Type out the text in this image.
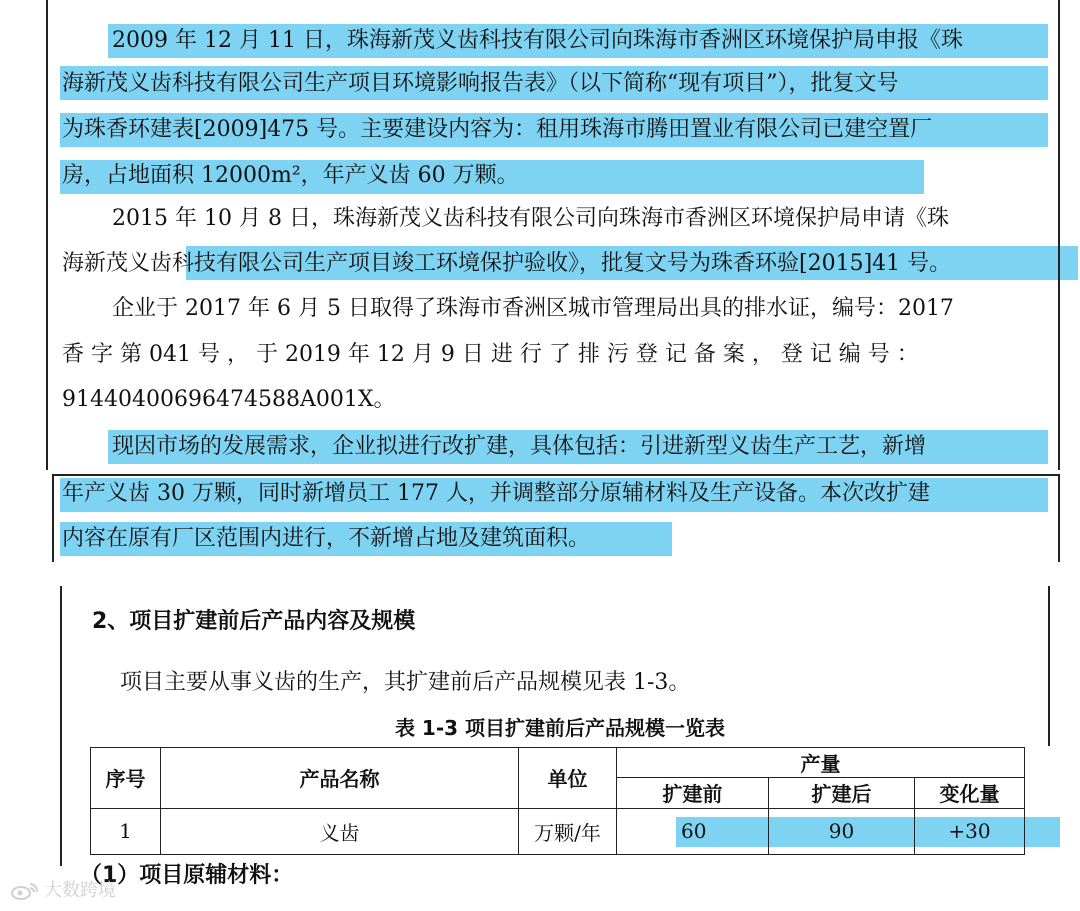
2009 年 12 月 11 日，珠海新茂义齿科技有限公司向珠海市香洲区环境保护局申报《珠
海新茂义齿科技有限公司生产项目环境影响报告表》（以下简称“现有项目”），批复文号
为珠香环建表[2009]475 号。主要建设内容为：租用珠海市腾田置业有限公司已建空置厂
房，占地面积 12000m²，年产义齿 60 万颗。
2015 年 10 月 8 日，珠海新茂义齿科技有限公司向珠海市香洲区环境保护局申请《珠
海新茂义齿科技有限公司生产项目竣工环境保护验收》，批复文号为珠香环验[2015]41 号。
企业于 2017 年 6 月 5 日取得了珠海市香洲区城市管理局出具的排水证，编号：2017
香 字 第 041 号 ， 于 2019 年 12 月 9 日 进 行 了 排 污 登 记 备 案 ， 登 记 编 号 ：
91440400696474588A001X。
现因市场的发展需求，企业拟进行改扩建，具体包括：引进新型义齿生产工艺，新增
年产义齿 30 万颗，同时新增员工 177 人，并调整部分原辅材料及生产设备。本次改扩建
内容在原有厂区范围内进行，不新增占地及建筑面积。
2、项目扩建前后产品内容及规模
项目主要从事义齿的生产，其扩建前后产品规模见表 1-3。
表 1-3 项目扩建前后产品规模一览表
序号	产品名称	单位	产量		
			扩建前	扩建后	变化量
1	义齿	万颗/年	60	90	+30
（1）项目原辅材料：
大数跨境
